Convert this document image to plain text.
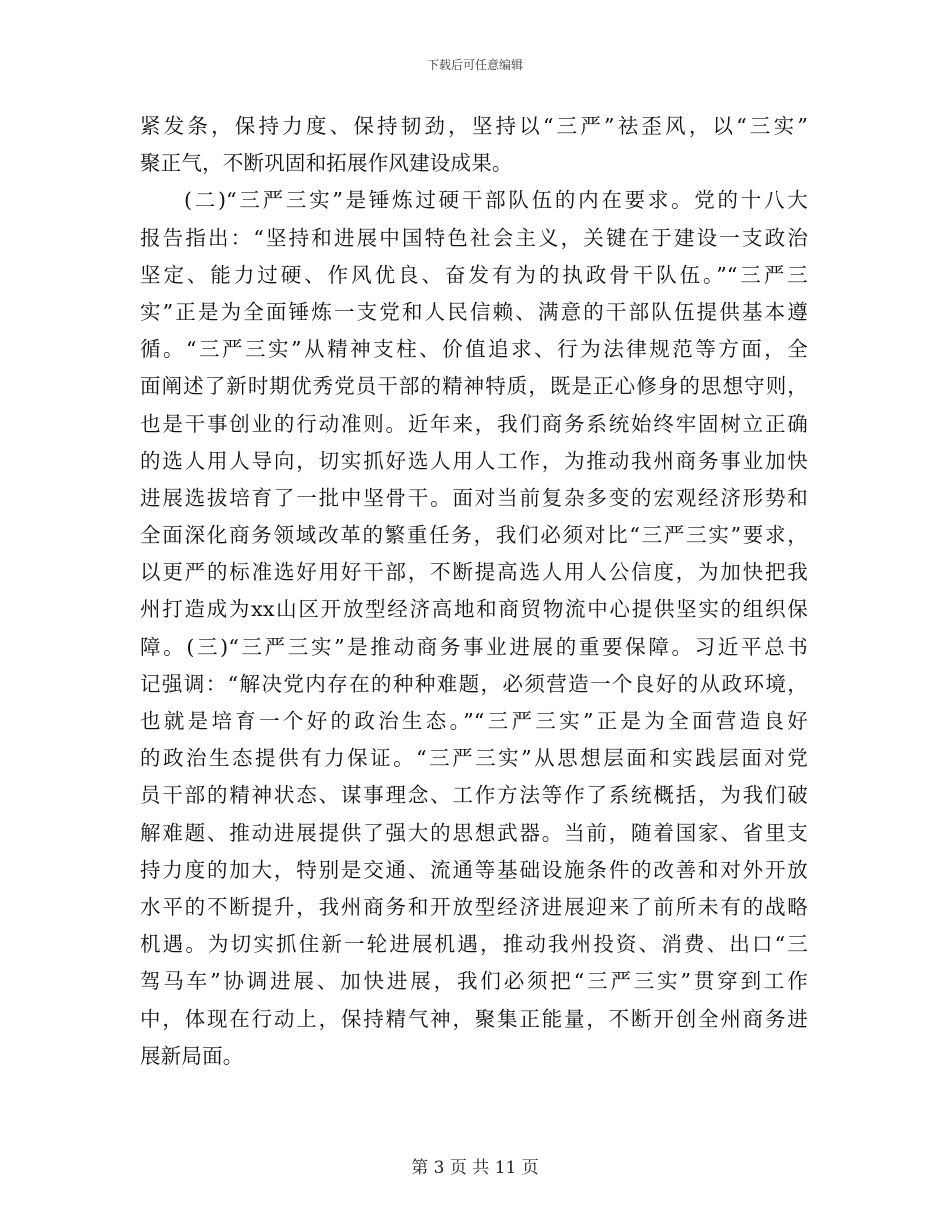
下载后可任意编辑
紧发条，保持力度、保持韧劲，坚持以“三严”祛歪风，以“三实”
聚正气，不断巩固和拓展作风建设成果。
(二)“三严三实”是锤炼过硬干部队伍的内在要求。党的十八大
报告指出：“坚持和进展中国特色社会主义，关键在于建设一支政治
坚定、能力过硬、作风优良、奋发有为的执政骨干队伍。”“三严三
实”正是为全面锤炼一支党和人民信赖、满意的干部队伍提供基本遵
循。“三严三实”从精神支柱、价值追求、行为法律规范等方面，全
面阐述了新时期优秀党员干部的精神特质，既是正心修身的思想守则，
也是干事创业的行动准则。近年来，我们商务系统始终牢固树立正确
的选人用人导向，切实抓好选人用人工作，为推动我州商务事业加快
进展选拔培育了一批中坚骨干。面对当前复杂多变的宏观经济形势和
全面深化商务领域改革的繁重任务，我们必须对比“三严三实”要求，
以更严的标准选好用好干部，不断提高选人用人公信度，为加快把我
州打造成为xx山区开放型经济高地和商贸物流中心提供坚实的组织保
障。(三)“三严三实”是推动商务事业进展的重要保障。习近平总书
记强调：“解决党内存在的种种难题，必须营造一个良好的从政环境，
也就是培育一个好的政治生态。”“三严三实”正是为全面营造良好
的政治生态提供有力保证。“三严三实”从思想层面和实践层面对党
员干部的精神状态、谋事理念、工作方法等作了系统概括，为我们破
解难题、推动进展提供了强大的思想武器。当前，随着国家、省里支
持力度的加大，特别是交通、流通等基础设施条件的改善和对外开放
水平的不断提升，我州商务和开放型经济进展迎来了前所未有的战略
机遇。为切实抓住新一轮进展机遇，推动我州投资、消费、出口“三
驾马车”协调进展、加快进展，我们必须把“三严三实”贯穿到工作
中，体现在行动上，保持精气神，聚集正能量，不断开创全州商务进
展新局面。
第 3 页 共 11 页
